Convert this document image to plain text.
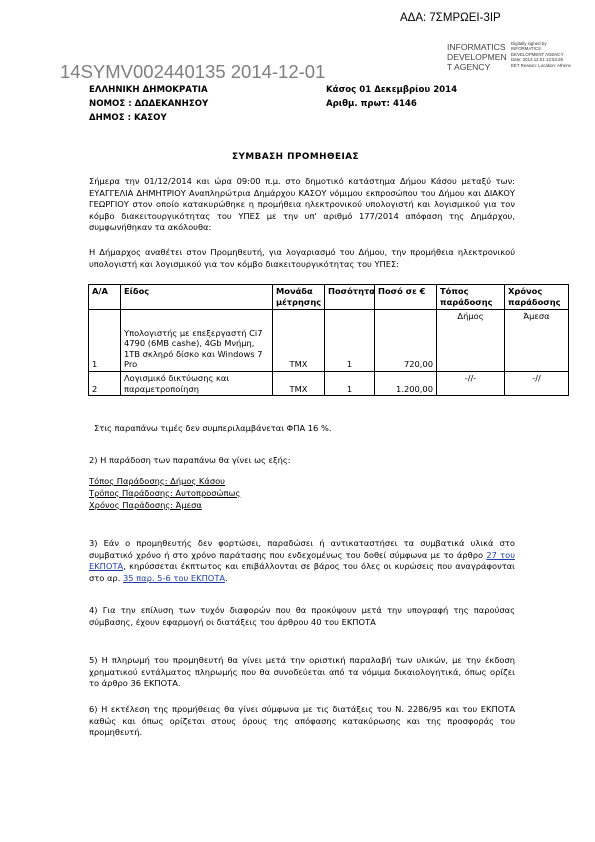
ΑΔΑ: 7ΣΜΡΩΕΙ-3ΙΡ
14SYMV002440135 2014-12-01
INFORMATICS DEVELOPMEN T AGENCY
Digitally signed by INFORMATICS DEVELOPMENT AGENCY Date: 2014.12.01 13:53:28 EET Reason: Location: Athens
ΕΛΛΗΝΙΚΗ ΔΗΜΟΚΡΑΤΙΑ
ΝΟΜΟΣ : ΔΩΔΕΚΑΝΗΣΟΥ
ΔΗΜΟΣ : ΚΑΣΟΥ
Κάσος 01 Δεκεμβρίου 2014
Αριθμ. πρωτ: 4146
ΣΥΜΒΑΣΗ ΠΡΟΜΗΘΕΙΑΣ

Σήμερα την 01/12/2014 και ώρα 09:00 π.μ. στο δημοτικό κατάστημα Δήμου Κάσου μεταξύ των: ΕΥΑΓΓΕΛΙΑ ΔΗΜΗΤΡΙΟΥ Αναπληρώτρια Δημάρχου ΚΑΣΟΥ νόμιμου εκπροσώπου του Δήμου και ΔΙΑΚΟΥ ΓΕΩΡΓΙΟΥ στον οποίο κατακυρώθηκε η προμήθεια ηλεκτρονικού υπολογιστή και λογισμικού για τον κόμβο διακειτουργικότητας του ΥΠΕΣ με την υπ' αριθμό 177/2014 απόφαση της Δημάρχου, συμφωνήθηκαν τα ακόλουθα:

Η Δήμαρχος αναθέτει στον Προμηθευτή, για λογαριασμό του Δήμου, την προμήθεια ηλεκτρονικού υπολογιστή και λογισμικού για τον κόμβο διακειτουργικότητας του ΥΠΕΣ:

Α/Α	Είδος	Μονάδα μέτρησης	Ποσότητα	Ποσό σε €	Τόπος παράδοσης	Χρόνος παράδοσης
1	Υπολογιστής με επεξεργαστή Ci7 4790 (6MB cashe), 4Gb Μνήμη, 1TB σκληρό δίσκο και Windows 7 Pro	ΤΜΧ	1	720,00	Δήμος	Άμεσα
2	Λογισμικό δικτύωσης και παραμετροποίηση	ΤΜΧ	1	1.200,00	-//-	-//
Στις παραπάνω τιμές δεν συμπεριλαμβάνεται ΦΠΑ 16 %.
2) Η παράδοση των παραπάνω θα γίνει ως εξής:
Τόπος Παράδοσης: Δήμος Κάσου
Τρόπος Παράδοσης: Αυτοπροσώπως
Χρόνος Παράδοσης: Άμεσα

3) Εάν ο προμηθευτής δεν φορτώσει, παραδώσει ή αντικαταστήσει τα συμβατικά υλικά στο συμβατικό χρόνο ή στο χρόνο παράτασης που ενδεχομένως του δοθεί σύμφωνα με το άρθρο 27 του ΕΚΠΟΤΑ, κηρύσσεται έκπτωτος και επιβάλλονται σε βάρος του όλες οι κυρώσεις που αναγράφονται στο αρ. 35 παρ. 5-6 του ΕΚΠΟΤΑ.

4) Για την επίλυση των τυχόν διαφορών που θα προκύψουν μετά την υπογραφή της παρούσας σύμβασης, έχουν εφαρμογή οι διατάξεις του άρθρου 40 του ΕΚΠΟΤΑ

5) Η πληρωμή του προμηθευτή θα γίνει μετά την οριστική παραλαβή των υλικών, με την έκδοση χρηματικού εντάλματος πληρωμής που θα συνοδεύεται από τα νόμιμα δικαιολογητικά, όπως ορίζει το άρθρο 36 ΕΚΠΟΤΑ.

6) Η εκτέλεση της προμήθειας θα γίνει σύμφωνα με τις διατάξεις του Ν. 2286/95 και του ΕΚΠΟΤΑ καθώς και όπως ορίζεται στους όρους της απόφασης κατακύρωσης και της προσφοράς του προμηθευτή.
